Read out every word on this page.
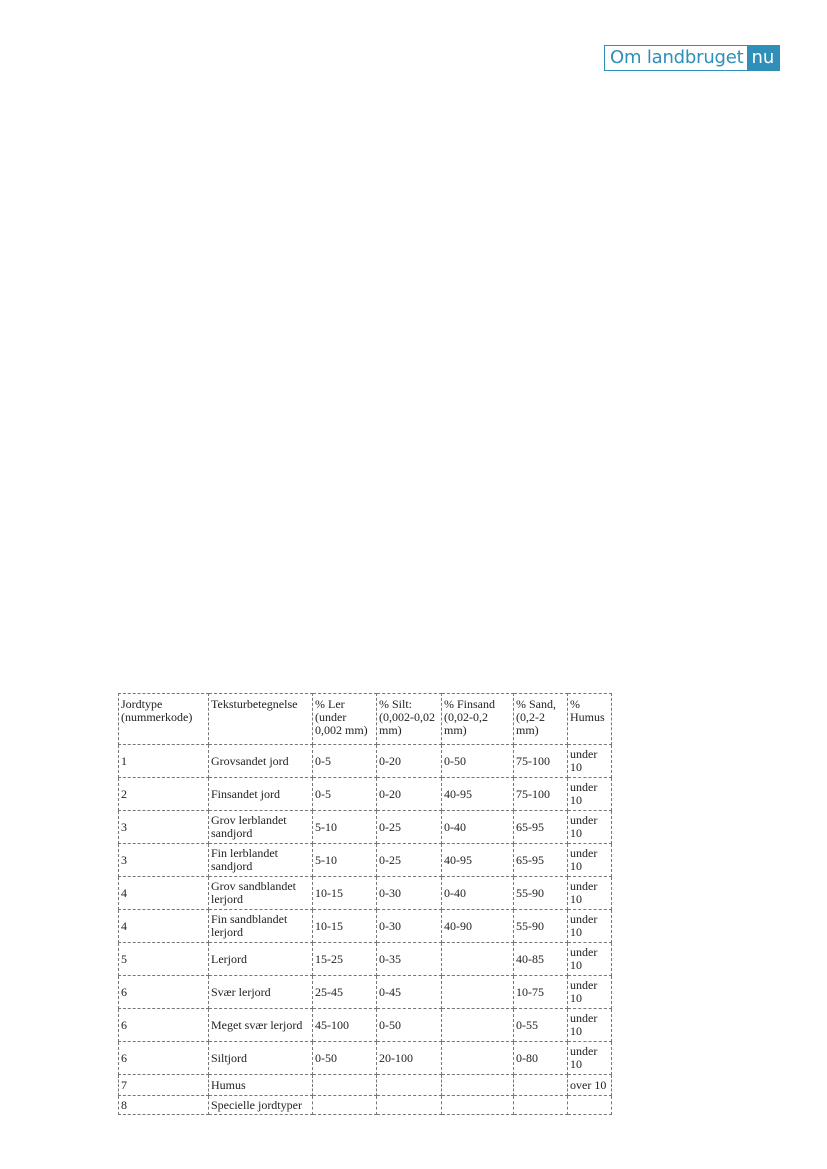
Om landbruget nu
Jordtype (nummerkode)	Teksturbetegnelse	% Ler (under 0,002 mm)	% Silt: (0,002-0,02 mm)	% Finsand (0,02-0,2 mm)	% Sand, (0,2-2 mm)	% Humus
1	Grovsandet jord	0-5	0-20	0-50	75-100	under 10
2	Finsandet jord	0-5	0-20	40-95	75-100	under 10
3	Grov lerblandet sandjord	5-10	0-25	0-40	65-95	under 10
3	Fin lerblandet sandjord	5-10	0-25	40-95	65-95	under 10
4	Grov sandblandet lerjord	10-15	0-30	0-40	55-90	under 10
4	Fin sandblandet lerjord	10-15	0-30	40-90	55-90	under 10
5	Lerjord	15-25	0-35		40-85	under 10
6	Svær lerjord	25-45	0-45		10-75	under 10
6	Meget svær lerjord	45-100	0-50		0-55	under 10
6	Siltjord	0-50	20-100		0-80	under 10
7	Humus					over 10
8	Specielle jordtyper					
